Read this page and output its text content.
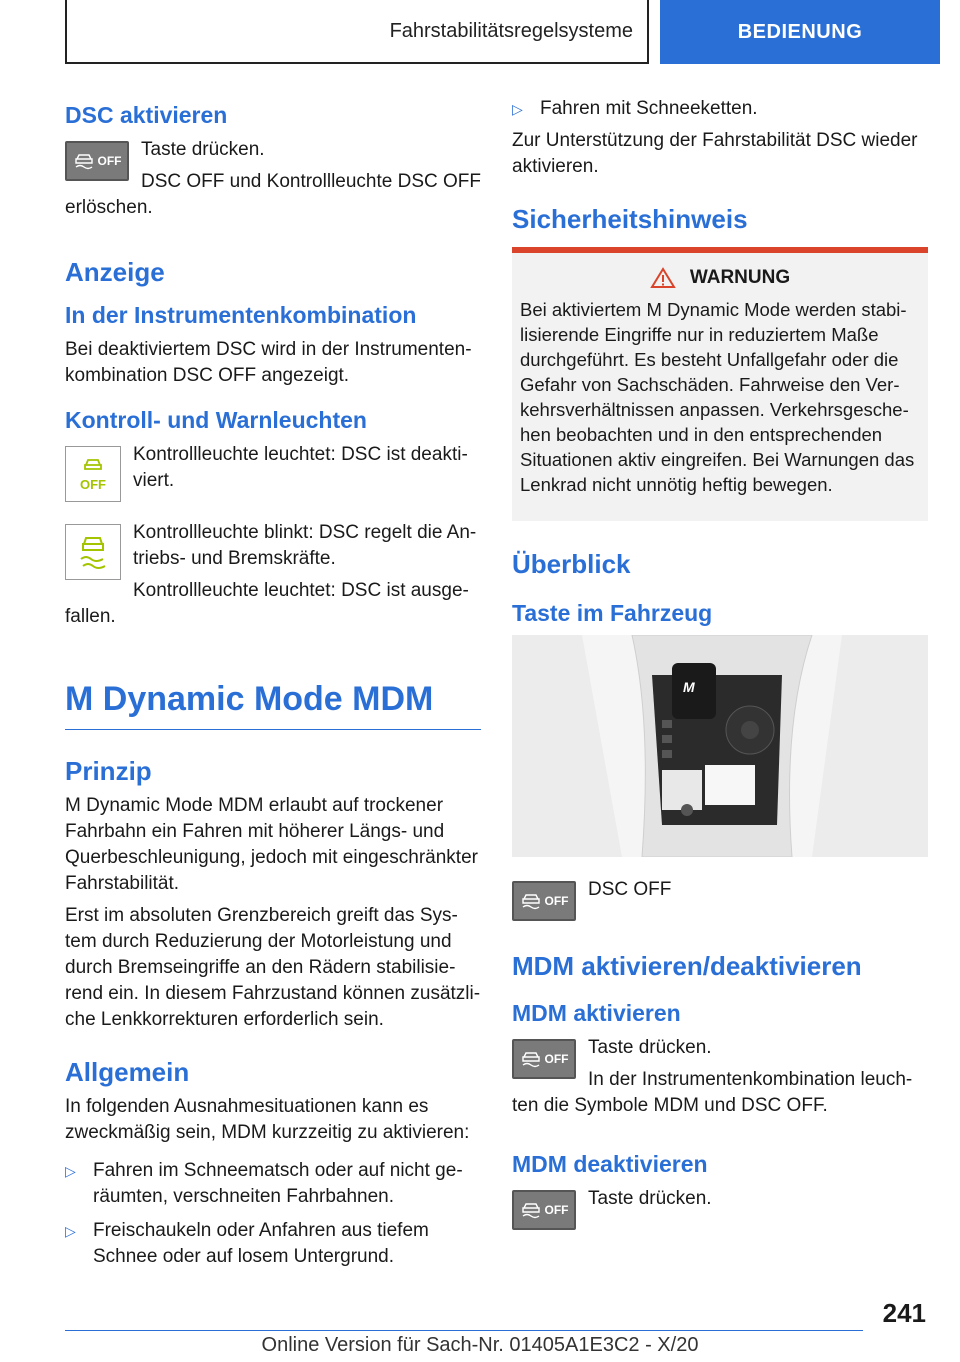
Fahrstabilitätsregelsysteme	BEDIENUNG
DSC aktivieren
OFF

Taste drücken.

DSC OFF und Kontrollleuchte DSC OFF erlöschen.

Anzeige
In der Instrumentenkombination

Bei deaktiviertem DSC wird in der Instrumentenkombination DSC OFF angezeigt.

Kontroll- und Warnleuchten
OFF

Kontrollleuchte leuchtet: DSC ist deaktiviert.

Kontrollleuchte blinkt: DSC regelt die Antriebs- und Bremskräfte.

Kontrollleuchte leuchtet: DSC ist ausgefallen.

M Dynamic Mode MDM
Prinzip

M Dynamic Mode MDM erlaubt auf trockener Fahrbahn ein Fahren mit höherer Längs- und Querbeschleunigung, jedoch mit eingeschränkter Fahrstabilität.

Erst im absoluten Grenzbereich greift das System durch Reduzierung der Motorleistung und durch Bremseingriffe an den Rädern stabilisierend ein. In diesem Fahrzustand können zusätzliche Lenkkorrekturen erforderlich sein.

Allgemein

In folgenden Ausnahmesituationen kann es zweckmäßig sein, MDM kurzzeitig zu aktivieren:

▷ Fahren im Schneematsch oder auf nicht geräumten, verschneiten Fahrbahnen.
▷ Freischaukeln oder Anfahren aus tiefem Schnee oder auf losem Untergrund.
▷ Fahren mit Schneeketten.

Zur Unterstützung der Fahrstabilität DSC wieder aktivieren.

Sicherheitshinweis
WARNUNG

Bei aktiviertem M Dynamic Mode werden stabilisierende Eingriffe nur in reduziertem Maße durchgeführt. Es besteht Unfallgefahr oder die Gefahr von Sachschäden. Fahrweise den Verkehrsverhältnissen anpassen. Verkehrsgeschehen beobachten und in den entsprechenden Situationen aktiv eingreifen. Bei Warnungen das Lenkrad nicht unnötig heftig bewegen.

Überblick
Taste im Fahrzeug
M
OFF

DSC OFF

MDM aktivieren/deaktivieren
MDM aktivieren
OFF

Taste drücken.

In der Instrumentenkombination leuchten die Symbole MDM und DSC OFF.

MDM deaktivieren
OFF

Taste drücken.

241
Online Version für Sach-Nr. 01405A1E3C2 - X/20
